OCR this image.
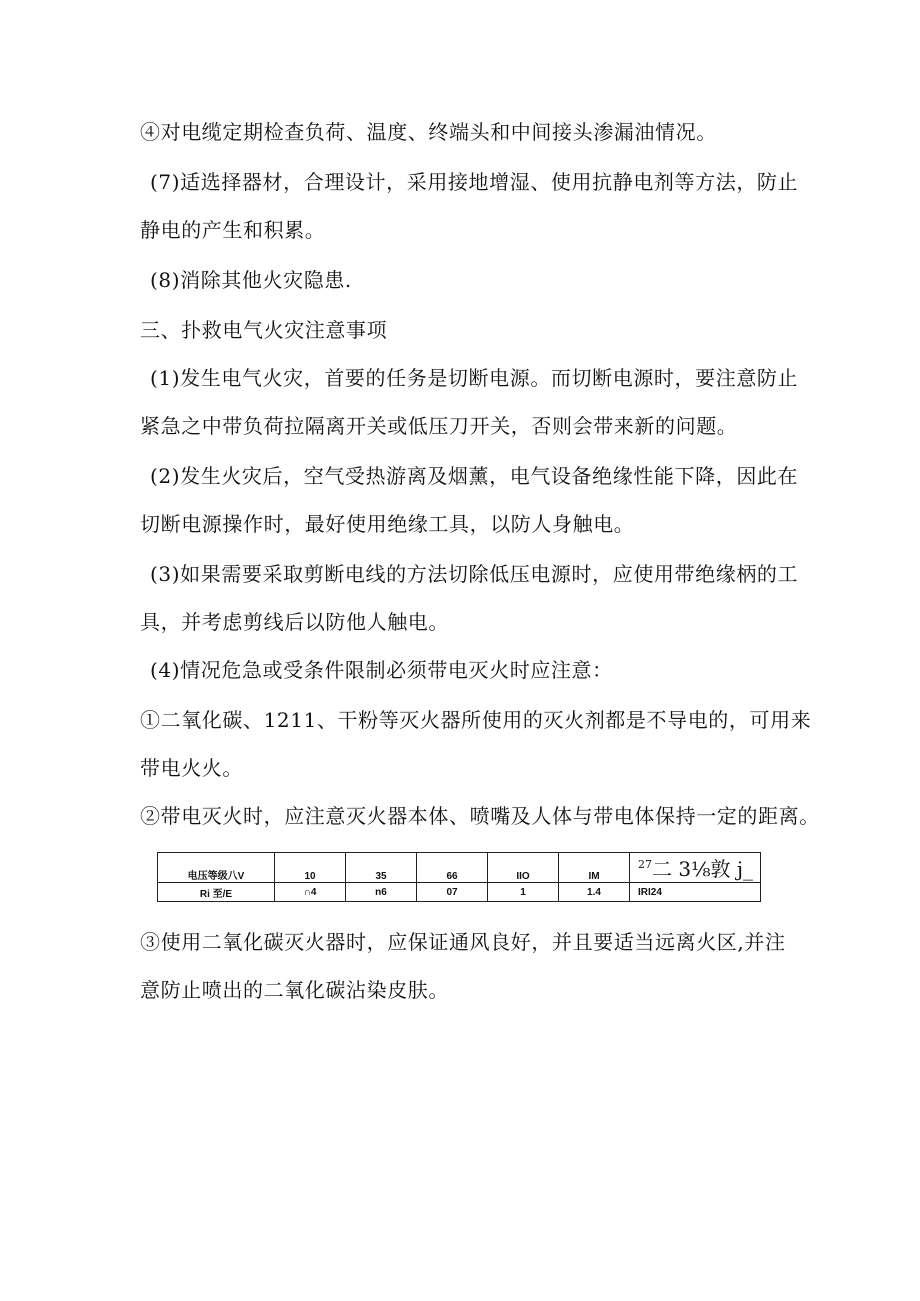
④对电缆定期检查负荷、温度、终端头和中间接头渗漏油情况。
(7)适选择器材，合理设计，采用接地增湿、使用抗静电剂等方法，防止
静电的产生和积累。
(8)消除其他火灾隐患.
三、扑救电气火灾注意事项
(1)发生电气火灾，首要的任务是切断电源。而切断电源时，要注意防止
紧急之中带负荷拉隔离开关或低压刀开关，否则会带来新的问题。
(2)发生火灾后，空气受热游离及烟薰，电气设备绝缘性能下降，因此在
切断电源操作时，最好使用绝缘工具，以防人身触电。
(3)如果需要采取剪断电线的方法切除低压电源时，应使用带绝缘柄的工
具，并考虑剪线后以防他人触电。
(4)情况危急或受条件限制必须带电灭火时应注意：
①二氧化碳、1211、干粉等灭火器所使用的灭火剂都是不导电的，可用来
带电火火。
②带电灭火时，应注意灭火器本体、喷嘴及人体与带电体保持一定的距离。
电压等级八V	10	35	66	IIO	IM	$^{27}$二 3⅛敦 j_
Ri 至/E	∩4	n6	07	1	1.4	IRI24
③使用二氧化碳灭火器时，应保证通风良好，并且要适当远离火区,并注
意防止喷出的二氧化碳沾染皮肤。
